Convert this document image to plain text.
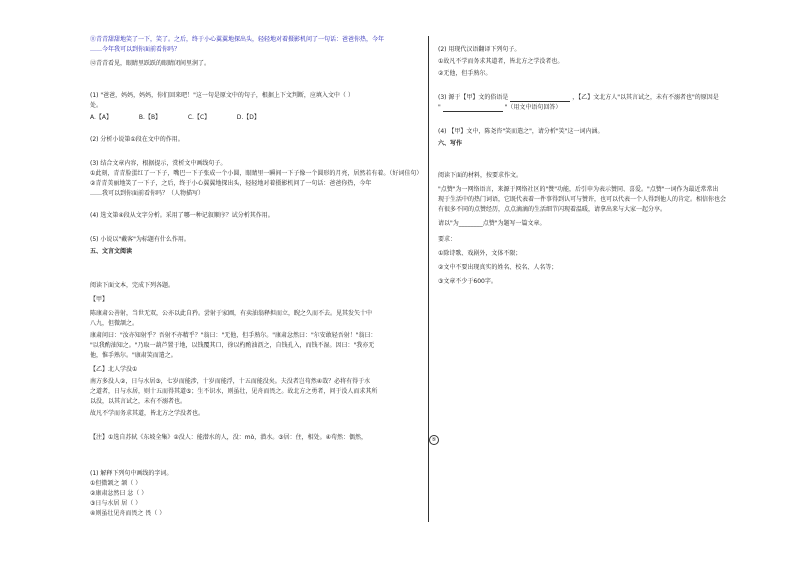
⑤
⑪青青甜甜地笑了一下，笑了。之后，终于小心翼翼地探出头，轻轻地对着摄影机问了一句话：爸爸你热，今年
……今年我可以到你面前看你吗？
⑫青青看见，眼睛里跃跃的眼睛闭间里润了。
(1) "爸爸，妈妈，妈妈，你们回来吧！"这一句是原文中的句子，根据上下文判断，应填入文中（ ）
处。
A.【A】	B.【B】	C.【C】	D.【D】
(2) 分析小说第①段在文中的作用。
(3) 结合文章内容，根据提示，赏析文中画线句子。
①此刻，青青脸蛋红了一下子，嘴巴一下子张成一个小圆，眼睛里一瞬间一下子像一个圆形的月亮，居然若有着。（好词佳句）
②青青美丽地笑了一下子，之后，终于小心翼翼地探出头，轻轻地对着摄影机问了一句话：爸爸你热，今年
……我可以到你面前看你吗？（人物描写）
(4) 选文第④段从文字分析。采用了哪一种记叙顺序？试分析其作用。
(5) 小说以"戴客"为标题有什么作用。
五、文言文阅读
阅读下面文本，完成下列各题。
【甲】
陈康肃公善射，当世无双，公亦以此自矜。尝射于家圃，有卖油翁释担而立，睨之久而不去。见其发矢十中
八九，但微颔之。
康肃问曰："汝亦知射乎？吾射不亦精乎？"翁曰："无他，但手熟尔。"康肃忿然曰："尔安敢轻吾射！"翁曰：
"以我酌油知之。"乃取一葫芦置于地，以钱覆其口，徐以杓酌油沥之，自钱孔入，而钱不湿。因曰："我亦无
他，惟手熟尔。"康肃笑而遣之。
【乙】北人学没①
南方多没人②，日与水居③，七岁而能涉，十岁而能浮，十五而能没矣。夫没者岂苟然④哉？必将有得于水
之道者，日与水居，则十五而得其道⑤；生不识水，则虽壮，见舟而畏之。故北方之勇者，问于没人而求其所
以没，以其言试之，未有不溺者也。
故凡不学而务求其道，皆北方之学没者也。
【注】①选自苏轼《东坡全集》②没人：能潜水的人，没：mò，潜水。③居：住，相处。④苟然：偶然，
(1) 解释下列句中画线的字词。
①但微颔之 颔（ ）
②康肃忿然曰 忿（ ）
③日与水居 居（ ）
④则虽壮见舟而畏之 畏（ ）
(2) 用现代汉语翻译下列句子。
①故凡不学而务求其道者，皆北方之学没者也。
②无他，但手熟尔。
(3) 源于【甲】文的俗语是	，【乙】文北方人"以其言试之，未有不溺者也"的原因是
"	"（用文中语句回答）
(4) 【甲】文中，陈尧咨"笑而遣之"，请分析"笑"这一词内涵。
六、写作
阅读下面的材料，按要求作文。
"点赞"为一网络语言，来源于网络社区的"赞"功能，后引申为表示赞同、喜爱。"点赞"一词作为最近常常出
现于生活中的热门词语，它既代表着一件事得到认可与赞许，也可以代表一个人得到他人的肯定。相信你也会
有很多不同的点赞经历，点点滴滴的生活细节闪现着温暖，请拿出来与大家一起分享。
请以"为________点赞"为题写一篇文章。
要求：
①除诗歌、戏剧外，文体不限；
②文中不要出现真实的姓名、校名、人名等；
③文章不少于600字。
